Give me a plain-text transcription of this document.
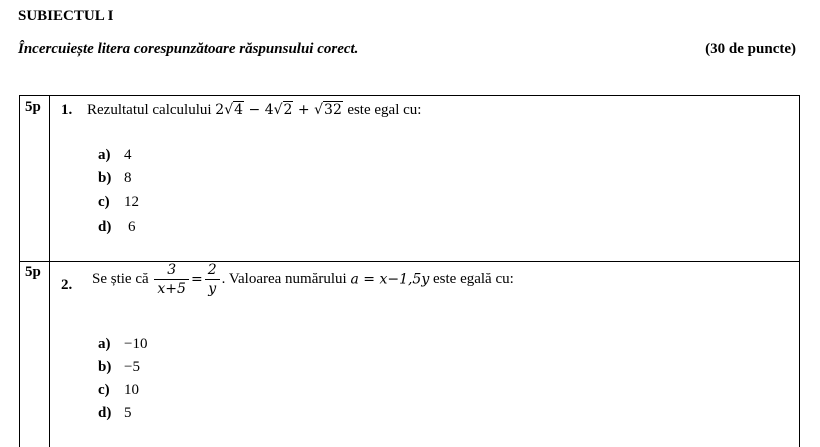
SUBIECTUL I
Încercuiește litera corespunzătoare răspunsului corect.	(30 de puncte)
5p 1. Rezultatul calculului 2√4 − 4√2 + √32 este egal cu:
a) 4
b) 8
c) 12
d) 6
5p
2. Se știe că $\frac{3}{x+5} = \frac{2}{y}$ . Valoarea numărului a = x−1,5y este egală cu:
a) −10
b) −5
c) 10
d) 5
